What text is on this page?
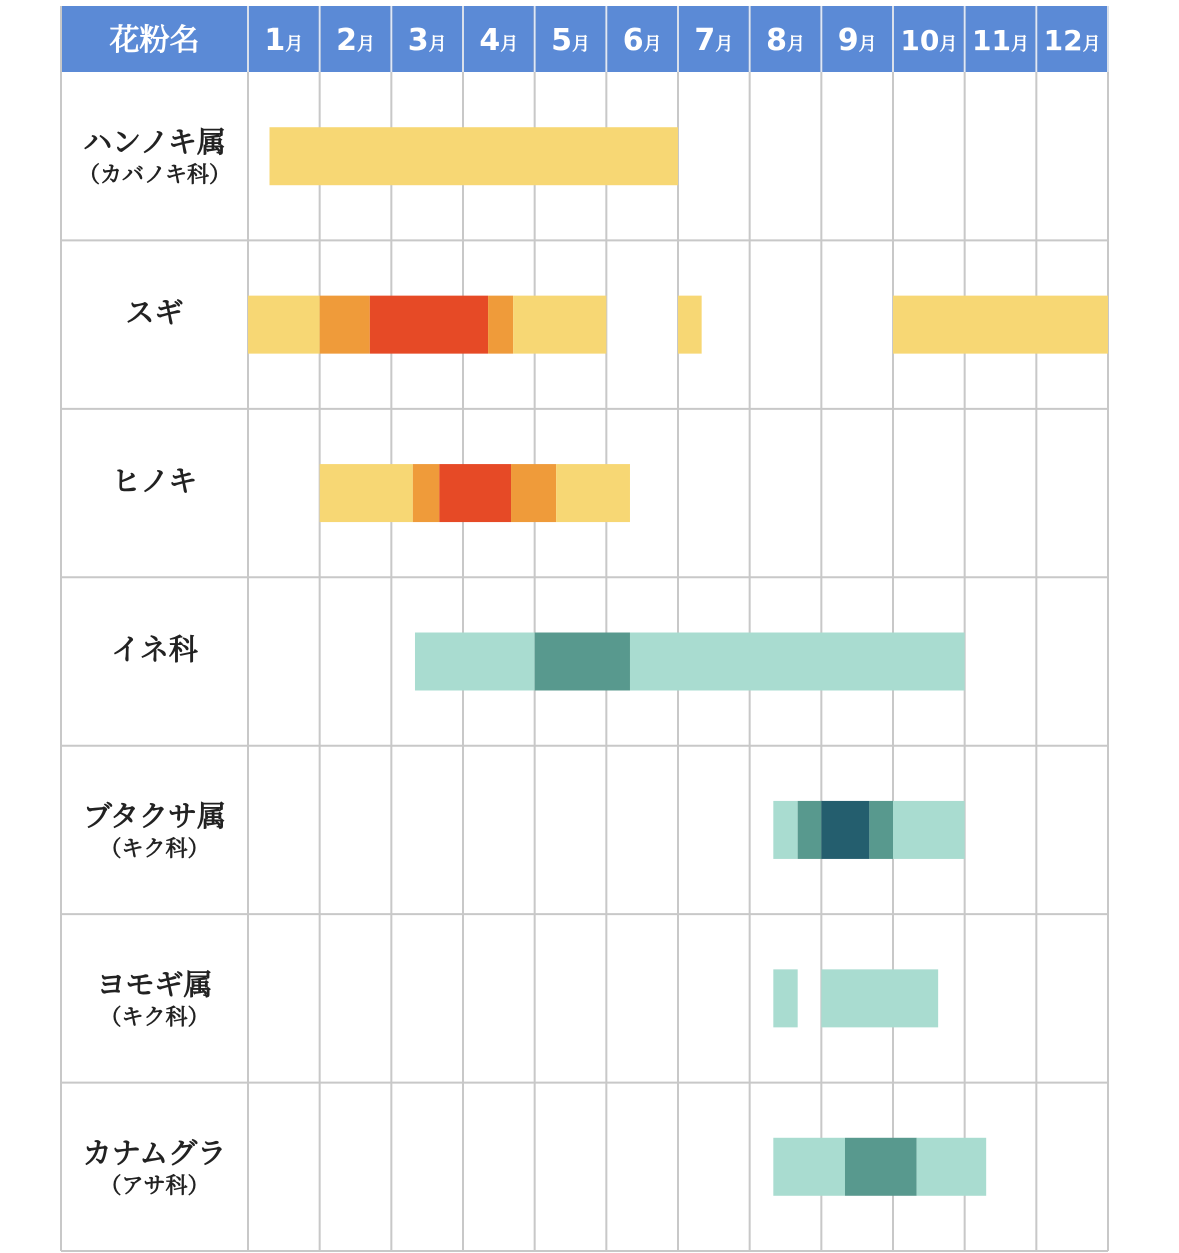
花粉名 1月 2月 3月 4月 5月 6月 7月 8月 9月 10月 11月 12月
ハンノキ属
（カバノキ科）
スギ
ヒノキ
イネ科
ブタクサ属
（キク科）
ヨモギ属
（キク科）
カナムグラ
（アサ科）
